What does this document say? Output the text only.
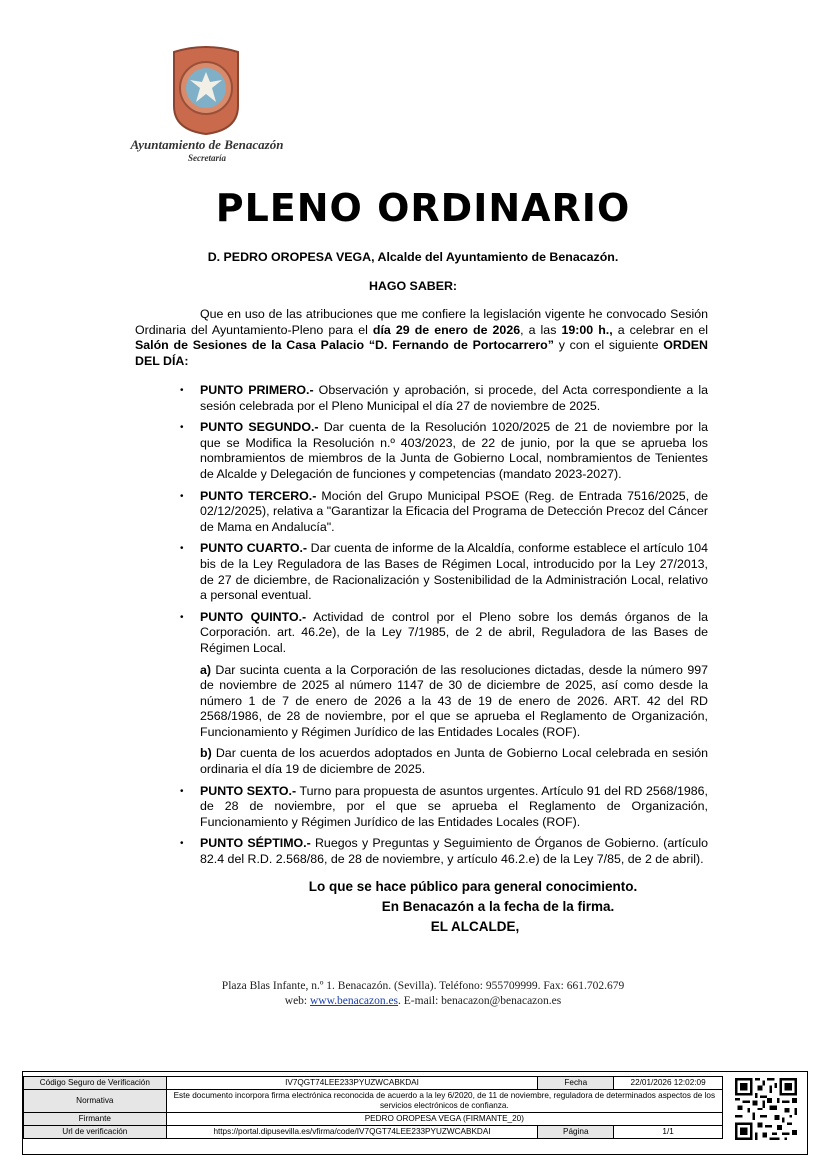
Ayuntamiento de Benacazón
Secretaría
PLENO ORDINARIO
D. PEDRO OROPESA VEGA, Alcalde del Ayuntamiento de Benacazón.
HAGO SABER:
Que en uso de las atribuciones que me confiere la legislación vigente he convocado Sesión Ordinaria del Ayuntamiento-Pleno para el día 29 de enero de 2026, a las 19:00 h., a celebrar en el Salón de Sesiones de la Casa Palacio “D. Fernando de Portocarrero” y con el siguiente ORDEN DEL DÍA:
• PUNTO PRIMERO.- Observación y aprobación, si procede, del Acta correspondiente a la sesión celebrada por el Pleno Municipal el día 27 de noviembre de 2025.
• PUNTO SEGUNDO.- Dar cuenta de la Resolución 1020/2025 de 21 de noviembre por la que se Modifica la Resolución n.º 403/2023, de 22 de junio, por la que se aprueba los nombramientos de miembros de la Junta de Gobierno Local, nombramientos de Tenientes de Alcalde y Delegación de funciones y competencias (mandato 2023-2027).
• PUNTO TERCERO.- Moción del Grupo Municipal PSOE (Reg. de Entrada 7516/2025, de 02/12/2025), relativa a "Garantizar la Eficacia del Programa de Detección Precoz del Cáncer de Mama en Andalucía".
• PUNTO CUARTO.- Dar cuenta de informe de la Alcaldía, conforme establece el artículo 104 bis de la Ley Reguladora de las Bases de Régimen Local, introducido por la Ley 27/2013, de 27 de diciembre, de Racionalización y Sostenibilidad de la Administración Local, relativo a personal eventual.
• PUNTO QUINTO.- Actividad de control por el Pleno sobre los demás órganos de la Corporación. art. 46.2e), de la Ley 7/1985, de 2 de abril, Reguladora de las Bases de Régimen Local.
a) Dar sucinta cuenta a la Corporación de las resoluciones dictadas, desde la número 997 de noviembre de 2025 al número 1147 de 30 de diciembre de 2025, así como desde la número 1 de 7 de enero de 2026 a la 43 de 19 de enero de 2026. ART. 42 del RD 2568/1986, de 28 de noviembre, por el que se aprueba el Reglamento de Organización, Funcionamiento y Régimen Jurídico de las Entidades Locales (ROF).
b) Dar cuenta de los acuerdos adoptados en Junta de Gobierno Local celebrada en sesión ordinaria el día 19 de diciembre de 2025.
• PUNTO SEXTO.- Turno para propuesta de asuntos urgentes. Artículo 91 del RD 2568/1986, de 28 de noviembre, por el que se aprueba el Reglamento de Organización, Funcionamiento y Régimen Jurídico de las Entidades Locales (ROF).
• PUNTO SÉPTIMO.- Ruegos y Preguntas y Seguimiento de Órganos de Gobierno. (artículo 82.4 del R.D. 2.568/86, de 28 de noviembre, y artículo 46.2.e) de la Ley 7/85, de 2 de abril).
Lo que se hace público para general conocimiento.
En Benacazón a la fecha de la firma.
EL ALCALDE,
Plaza Blas Infante, n.º 1. Benacazón. (Sevilla). Teléfono: 955709999. Fax: 661.702.679
web: www.benacazon.es. E-mail: benacazon@benacazon.es
Código Seguro de Verificación	IV7QGT74LEE233PYUZWCABKDAI	Fecha	22/01/2026 12:02:09
Normativa	Este documento incorpora firma electrónica reconocida de acuerdo a la ley 6/2020, de 11 de noviembre, reguladora de determinados aspectos de los servicios electrónicos de confianza.		
Firmante	PEDRO OROPESA VEGA (FIRMANTE_20)		
Url de verificación	https://portal.dipusevilla.es/vfirma/code/IV7QGT74LEE233PYUZWCABKDAI	Página	1/1
